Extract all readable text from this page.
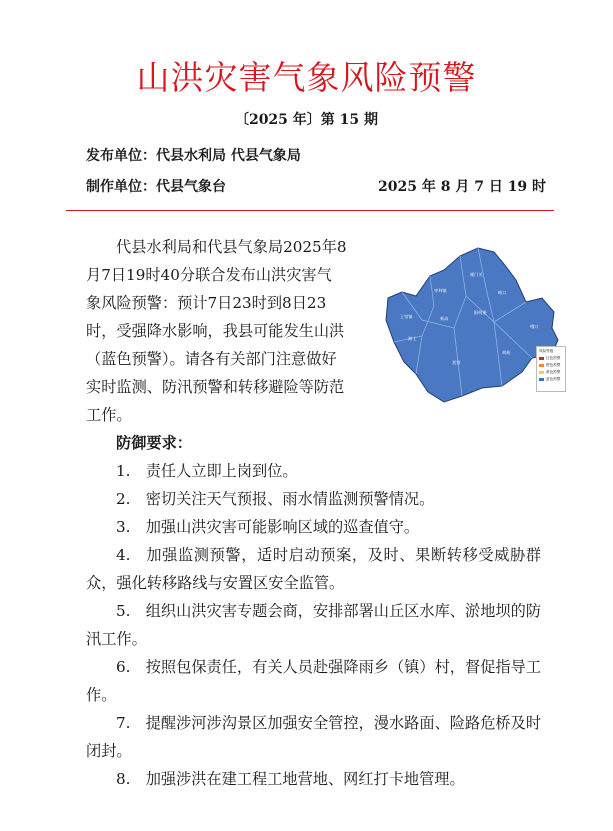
山洪灾害气象风险预警
〔2025 年〕第 15 期
发布单位：代县水利局 代县气象局
制作单位：代县气象台	2025 年 8 月 7 日 19 时

代县水利局和代县气象局2025年8

月7日19时40分联合发布山洪灾害气

象风险预警：预计7日23时到8日23

时，受强降水影响，我县可能发生山洪

（蓝色预警）。请各有关部门注意做好

实时监测、防汛预警和转移避险等防范

工作。

上馆镇
枣林镇
雁门关
峪口
新高
阳明堡
滩上
聂营
胡峪
峨口
风险等级
红色预警
橙色预警
黄色预警
蓝色预警

防御要求：

1.  责任人立即上岗到位。

2.  密切关注天气预报、雨水情监测预警情况。

3.  加强山洪灾害可能影响区域的巡查值守。

4.  加强监测预警，适时启动预案，及时、果断转移受威胁群众，强化转移路线与安置区安全监管。

5.  组织山洪灾害专题会商，安排部署山丘区水库、淤地坝的防汛工作。

6.  按照包保责任，有关人员赴强降雨乡（镇）村，督促指导工作。

7.  提醒涉河涉沟景区加强安全管控，漫水路面、险路危桥及时闭封。

8.  加强涉洪在建工程工地营地、网红打卡地管理。
